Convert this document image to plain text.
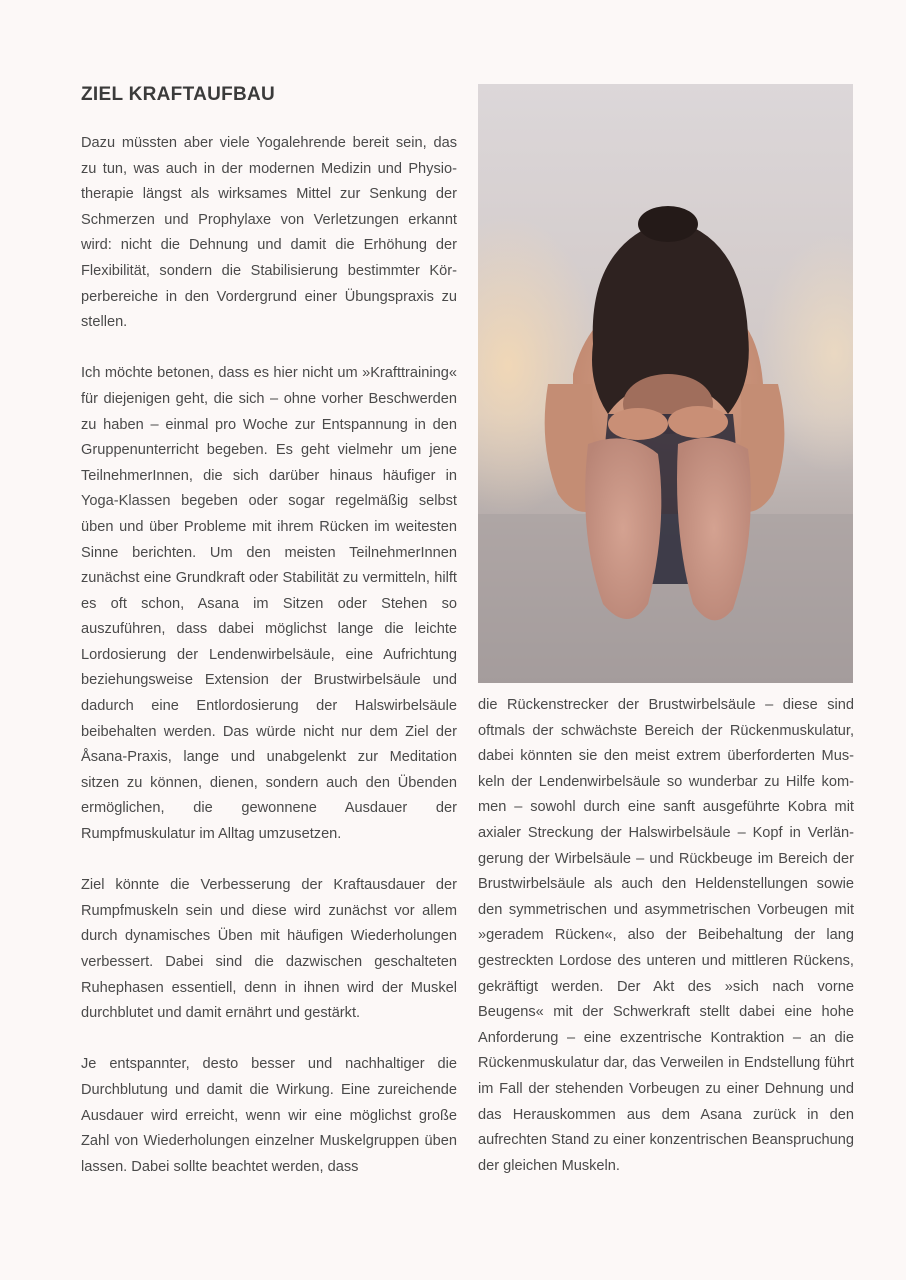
ZIEL KRAFTAUFBAU

Dazu müssten aber viele Yogalehrende bereit sein, das zu tun, was auch in der modernen Medizin und Physiotherapie längst als wirksames Mittel zur Senkung der Schmerzen und Prophylaxe von Verletzungen erkannt wird: nicht die Dehnung und damit die Erhöhung der Flexibilität, sondern die Stabilisierung bestimmter Körperbereiche in den Vordergrund einer Übungspraxis zu stellen.

Ich möchte betonen, dass es hier nicht um »Krafttraining« für diejenigen geht, die sich – ohne vorher Beschwerden zu haben – einmal pro Woche zur Entspannung in den Gruppenunterricht begeben. Es geht vielmehr um jene TeilnehmerInnen, die sich darüber hinaus häufiger in Yoga-Klassen begeben oder sogar regelmäßig selbst üben und über Probleme mit ihrem Rücken im weitesten Sinne berichten. Um den meisten TeilnehmerInnen zunächst eine Grundkraft oder Stabilität zu vermitteln, hilft es oft schon, Asana im Sitzen oder Stehen so auszuführen, dass dabei möglichst lange die leichte Lordosierung der Lendenwirbelsäule, eine Aufrichtung beziehungsweise Extension der Brustwirbelsäule und dadurch eine Entlordosierung der Halswirbelsäule beibehalten werden. Das würde nicht nur dem Ziel der Åsana-Praxis, lange und unabgelenkt zur Meditation sitzen zu können, dienen, sondern auch den Übenden ermöglichen, die gewonnene Ausdauer der Rumpfmuskulatur im Alltag umzusetzen.

Ziel könnte die Verbesserung der Kraftausdauer der Rumpfmuskeln sein und diese wird zunächst vor allem durch dynamisches Üben mit häufigen Wiederholungen verbessert. Dabei sind die dazwischen geschalteten Ruhephasen essentiell, denn in ihnen wird der Muskel durchblutet und damit ernährt und gestärkt.

Je entspannter, desto besser und nachhaltiger die Durchblutung und damit die Wirkung. Eine zureichende Ausdauer wird erreicht, wenn wir eine möglichst große Zahl von Wiederholungen einzelner Muskelgruppen üben lassen. Dabei sollte beachtet werden, dass

die Rückenstrecker der Brustwirbelsäule – diese sind oftmals der schwächste Bereich der Rückenmuskulatur, dabei könnten sie den meist extrem überforderten Muskeln der Lendenwirbelsäule so wunderbar zu Hilfe kommen – sowohl durch eine sanft ausgeführte Kobra mit axialer Streckung der Halswirbelsäule – Kopf in Verlängerung der Wirbelsäule – und Rückbeuge im Bereich der Brustwirbelsäule als auch den Heldenstellungen sowie den symmetrischen und asymmetrischen Vorbeugen mit »geradem Rücken«, also der Beibehaltung der lang gestreckten Lordose des unteren und mittleren Rückens, gekräftigt werden. Der Akt des »sich nach vorne Beugens« mit der Schwerkraft stellt dabei eine hohe Anforderung – eine exzentrische Kontraktion – an die Rückenmuskulatur dar, das Verweilen in Endstellung führt im Fall der stehenden Vorbeugen zu einer Dehnung und das Herauskommen aus dem Asana zurück in den aufrechten Stand zu einer konzentrischen Beanspruchung der gleichen Muskeln.
